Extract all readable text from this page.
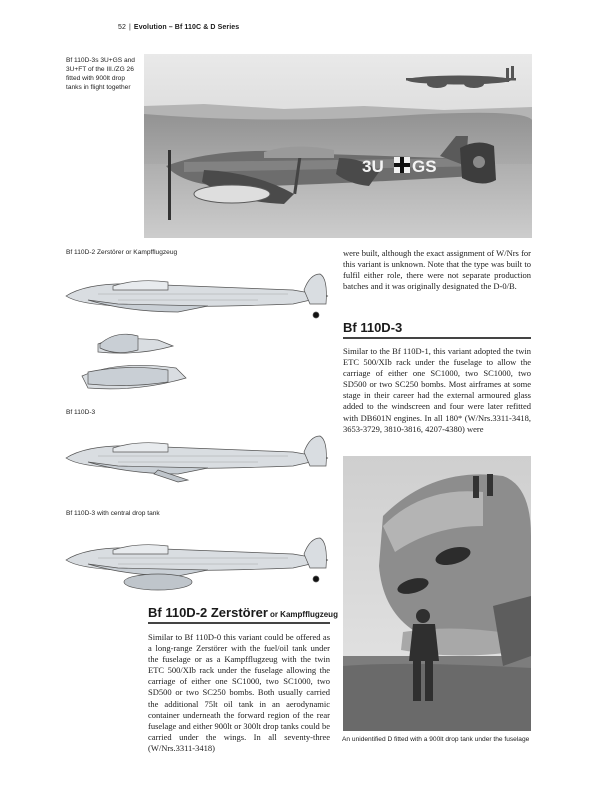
52 | Evolution – Bf 110C & D Series
Bf 110D-3s 3U+GS and 3U+FT of the III./ZG 26 fitted with 900lt drop tanks in flight together
3U GS
Bf 110D-2 Zerstörer or Kampfflugzeug
Bf 110D-3
Bf 110D-3 with central drop tank
were built, although the exact assignment of W/Nrs for this variant is unknown. Note that the type was built to fulfil either role, there were not separate production batches and it was originally designated the D-0/B.
Bf 110D-3
Similar to the Bf 110D-1, this variant adopted the twin ETC 500/XIb rack under the fuselage to allow the carriage of either one SC1000, two SC1000, two SD500 or two SC250 bombs. Most airframes at some stage in their career had the external armoured glass added to the windscreen and four were later refitted with DB601N engines. In all 180* (W/Nrs.3311-3418, 3653-3729, 3810-3816, 4207-4380) were
An unidentified D fitted with a 900lt drop tank under the fuselage
Bf 110D-2 Zerstörer or Kampfflugzeug
Similar to Bf 110D-0 this variant could be offered as a long-range Zerstörer with the fuel/oil tank under the fuselage or as a Kampfflugzeug with the twin ETC 500/XIb rack under the fuselage allowing the carriage of either one SC1000, two SC1000, two SD500 or two SC250 bombs. Both usually carried the additional 75lt oil tank in an aerodynamic container underneath the forward region of the rear fuselage and either 900lt or 300lt drop tanks could be carried under the wings. In all seventy-three (W/Nrs.3311-3418)
